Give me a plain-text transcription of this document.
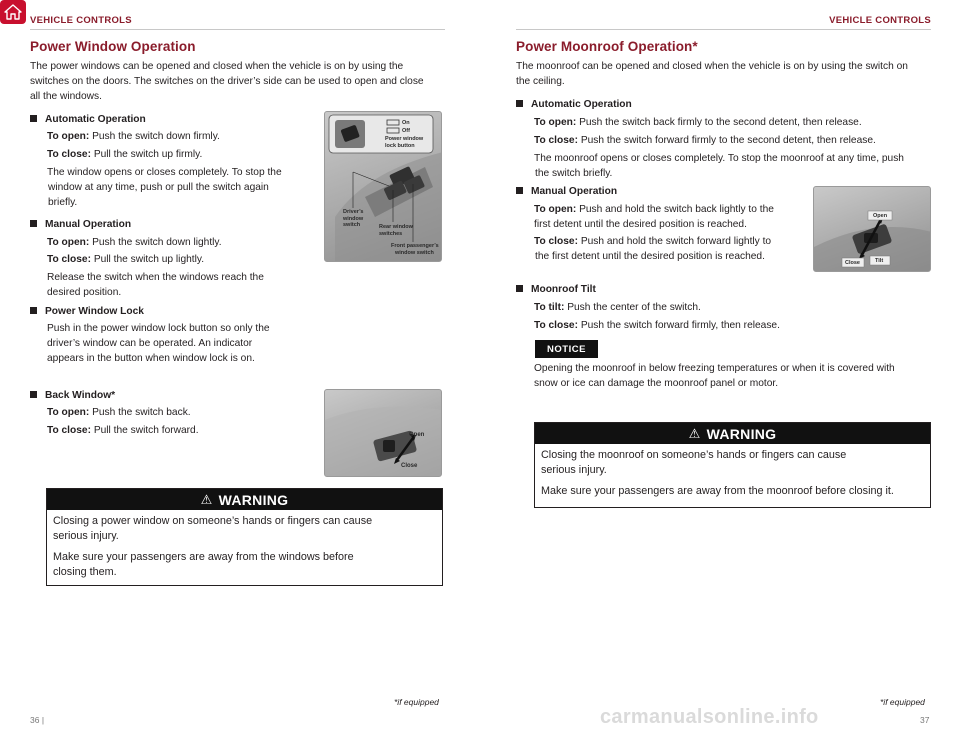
VEHICLE CONTROLS	VEHICLE CONTROLS
Power Window Operation
The power windows can be opened and closed when the vehicle is on by using the
switches on the doors. The switches on the driver’s side can be used to open and close
all the windows.
Automatic Operation
To open: Push the switch down firmly.
To close: Pull the switch up firmly.
The window opens or closes completely. To stop the
window at any time, push or pull the switch again
briefly.
Manual Operation
To open: Push the switch down lightly.
To close: Pull the switch up lightly.
Release the switch when the windows reach the
desired position.
Power Window Lock
Push in the power window lock button so only the
driver’s window can be operated. An indicator
appears in the button when window lock is on.
On
Off
Power window
lock button
Driver’s
window
switch	Rear window
switches
Front passenger’s
window switch
Back Window*
To open: Push the switch back.
To close: Pull the switch forward.	Open
Close
⚠ WARNING

Closing a power window on someone’s hands or fingers can cause
serious injury.

Make sure your passengers are away from the windows before
closing them.

*if equipped
36 |
Power Moonroof Operation*
The moonroof can be opened and closed when the vehicle is on by using the switch on
the ceiling.
Automatic Operation
To open: Push the switch back firmly to the second detent, then release.
To close: Push the switch forward firmly to the second detent, then release.
The moonroof opens or closes completely. To stop the moonroof at any time, push
the switch briefly.
Manual Operation
To open: Push and hold the switch back lightly to the
first detent until the desired position is reached.
To close: Push and hold the switch forward lightly to
the first detent until the desired position is reached.
Open
Close	Tilt
Moonroof Tilt
To tilt: Push the center of the switch.
To close: Push the switch forward firmly, then release.
NOTICE
Opening the moonroof in below freezing temperatures or when it is covered with
snow or ice can damage the moonroof panel or motor.
⚠ WARNING

Closing the moonroof on someone’s hands or fingers can cause
serious injury.

Make sure your passengers are away from the moonroof before closing it.

*if equipped
37
carmanualsonline.info
